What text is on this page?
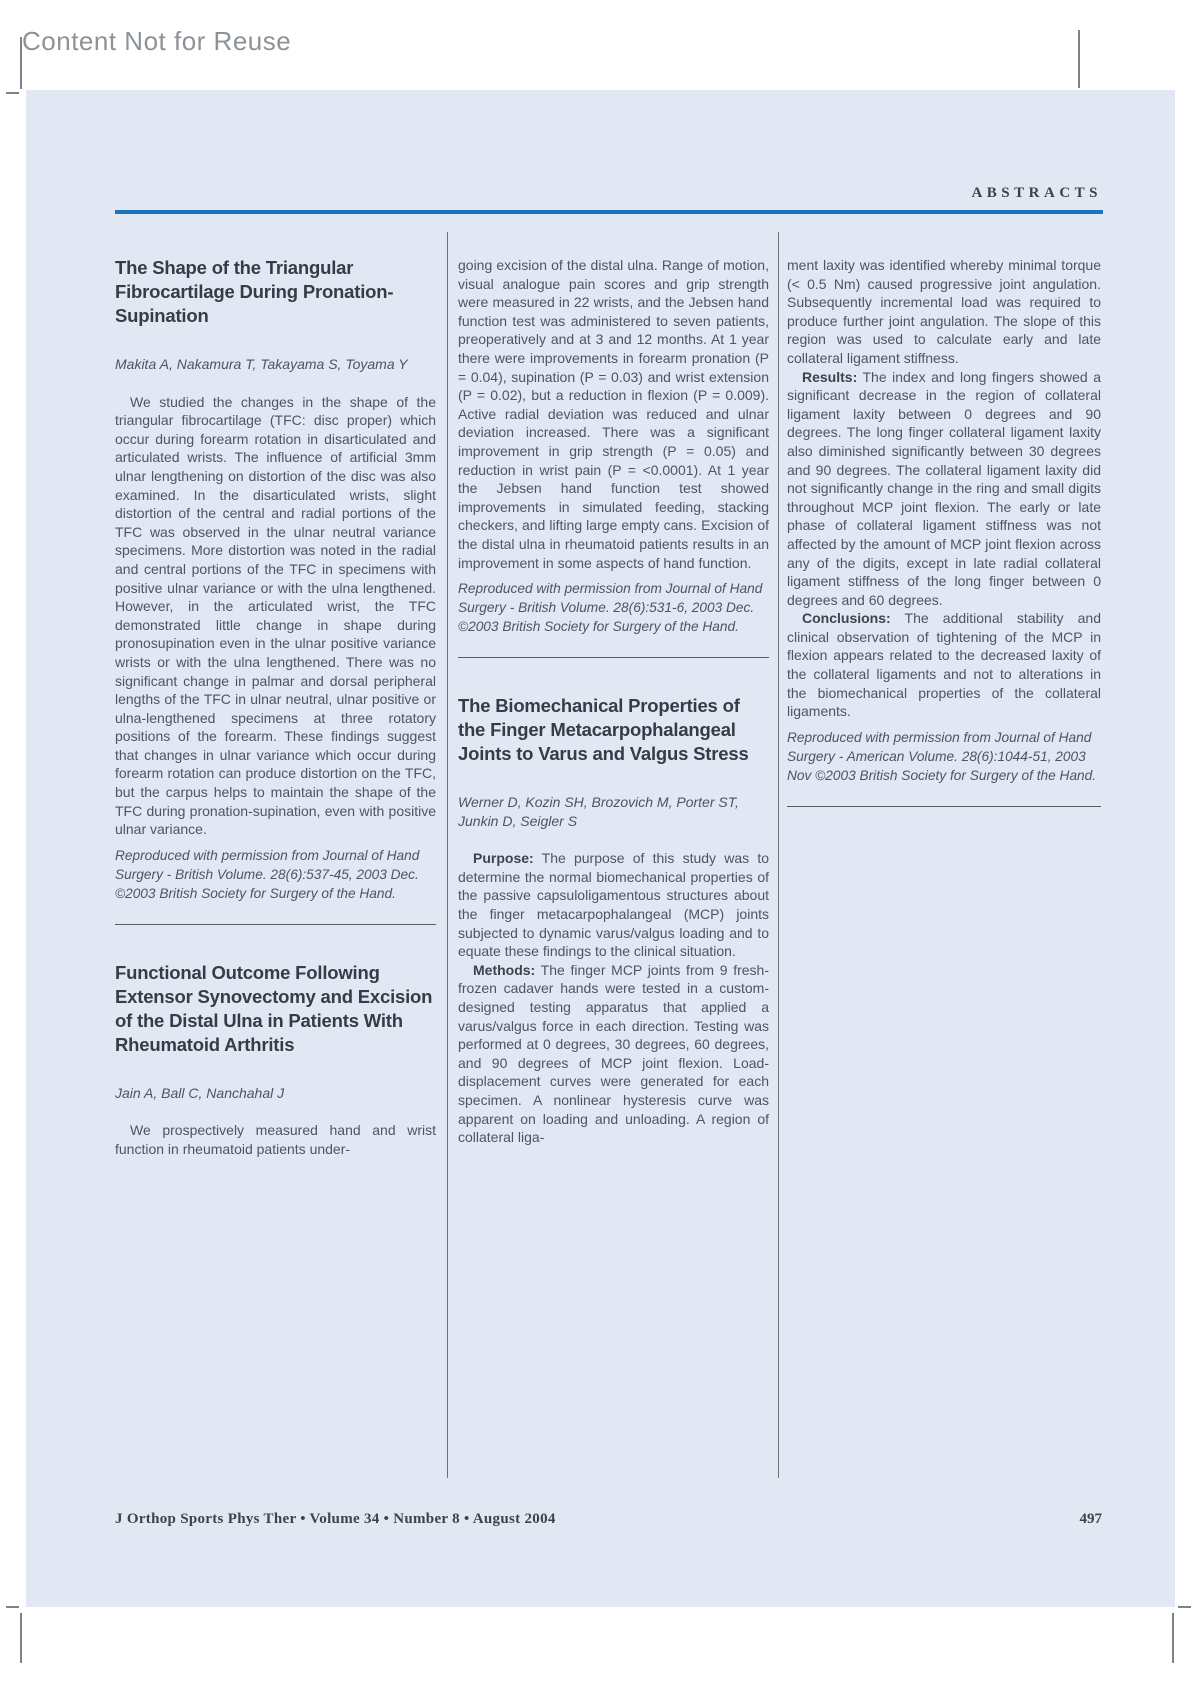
Content Not for Reuse
ABSTRACTS
The Shape of the Triangular Fibrocartilage During Pronation-Supination

Makita A, Nakamura T, Takayama S, Toyama Y

We studied the changes in the shape of the triangular fibrocartilage (TFC: disc proper) which occur during forearm rotation in disarticulated and articulated wrists. The influence of artificial 3mm ulnar lengthening on distortion of the disc was also examined. In the disarticulated wrists, slight distortion of the central and radial portions of the TFC was observed in the ulnar neutral variance specimens. More distortion was noted in the radial and central portions of the TFC in specimens with positive ulnar variance or with the ulna lengthened. However, in the articulated wrist, the TFC demonstrated little change in shape during pronosupination even in the ulnar positive variance wrists or with the ulna lengthened. There was no significant change in palmar and dorsal peripheral lengths of the TFC in ulnar neutral, ulnar positive or ulna-lengthened specimens at three rotatory positions of the forearm. These findings suggest that changes in ulnar variance which occur during forearm rotation can produce distortion on the TFC, but the carpus helps to maintain the shape of the TFC during pronation-supination, even with positive ulnar variance.

Reproduced with permission from Journal of Hand Surgery - British Volume. 28(6):537-45, 2003 Dec. ©2003 British Society for Surgery of the Hand.

Functional Outcome Following Extensor Synovectomy and Excision of the Distal Ulna in Patients With Rheumatoid Arthritis

Jain A, Ball C, Nanchahal J

We prospectively measured hand and wrist function in rheumatoid patients under-

going excision of the distal ulna. Range of motion, visual analogue pain scores and grip strength were measured in 22 wrists, and the Jebsen hand function test was administered to seven patients, preoperatively and at 3 and 12 months. At 1 year there were improvements in forearm pronation (P = 0.04), supination (P = 0.03) and wrist extension (P = 0.02), but a reduction in flexion (P = 0.009). Active radial deviation was reduced and ulnar deviation increased. There was a significant improvement in grip strength (P = 0.05) and reduction in wrist pain (P = <0.0001). At 1 year the Jebsen hand function test showed improvements in simulated feeding, stacking checkers, and lifting large empty cans. Excision of the distal ulna in rheumatoid patients results in an improvement in some aspects of hand function.

Reproduced with permission from Journal of Hand Surgery - British Volume. 28(6):531-6, 2003 Dec. ©2003 British Society for Surgery of the Hand.

The Biomechanical Properties of the Finger Metacarpophalangeal Joints to Varus and Valgus Stress

Werner D, Kozin SH, Brozovich M, Porter ST, Junkin D, Seigler S

Purpose: The purpose of this study was to determine the normal biomechanical properties of the passive capsuloligamentous structures about the finger metacarpophalangeal (MCP) joints subjected to dynamic varus/valgus loading and to equate these findings to the clinical situation.

Methods: The finger MCP joints from 9 fresh-frozen cadaver hands were tested in a custom-designed testing apparatus that applied a varus/valgus force in each direction. Testing was performed at 0 degrees, 30 degrees, 60 degrees, and 90 degrees of MCP joint flexion. Load-displacement curves were generated for each specimen. A nonlinear hysteresis curve was apparent on loading and unloading. A region of collateral liga-

ment laxity was identified whereby minimal torque (< 0.5 Nm) caused progressive joint angulation. Subsequently incremental load was required to produce further joint angulation. The slope of this region was used to calculate early and late collateral ligament stiffness.

Results: The index and long fingers showed a significant decrease in the region of collateral ligament laxity between 0 degrees and 90 degrees. The long finger collateral ligament laxity also diminished significantly between 30 degrees and 90 degrees. The collateral ligament laxity did not significantly change in the ring and small digits throughout MCP joint flexion. The early or late phase of collateral ligament stiffness was not affected by the amount of MCP joint flexion across any of the digits, except in late radial collateral ligament stiffness of the long finger between 0 degrees and 60 degrees.

Conclusions: The additional stability and clinical observation of tightening of the MCP in flexion appears related to the decreased laxity of the collateral ligaments and not to alterations in the biomechanical properties of the collateral ligaments.

Reproduced with permission from Journal of Hand Surgery - American Volume. 28(6):1044-51, 2003 Nov ©2003 British Society for Surgery of the Hand.

J Orthop Sports Phys Ther • Volume 34 • Number 8 • August 2004	497
